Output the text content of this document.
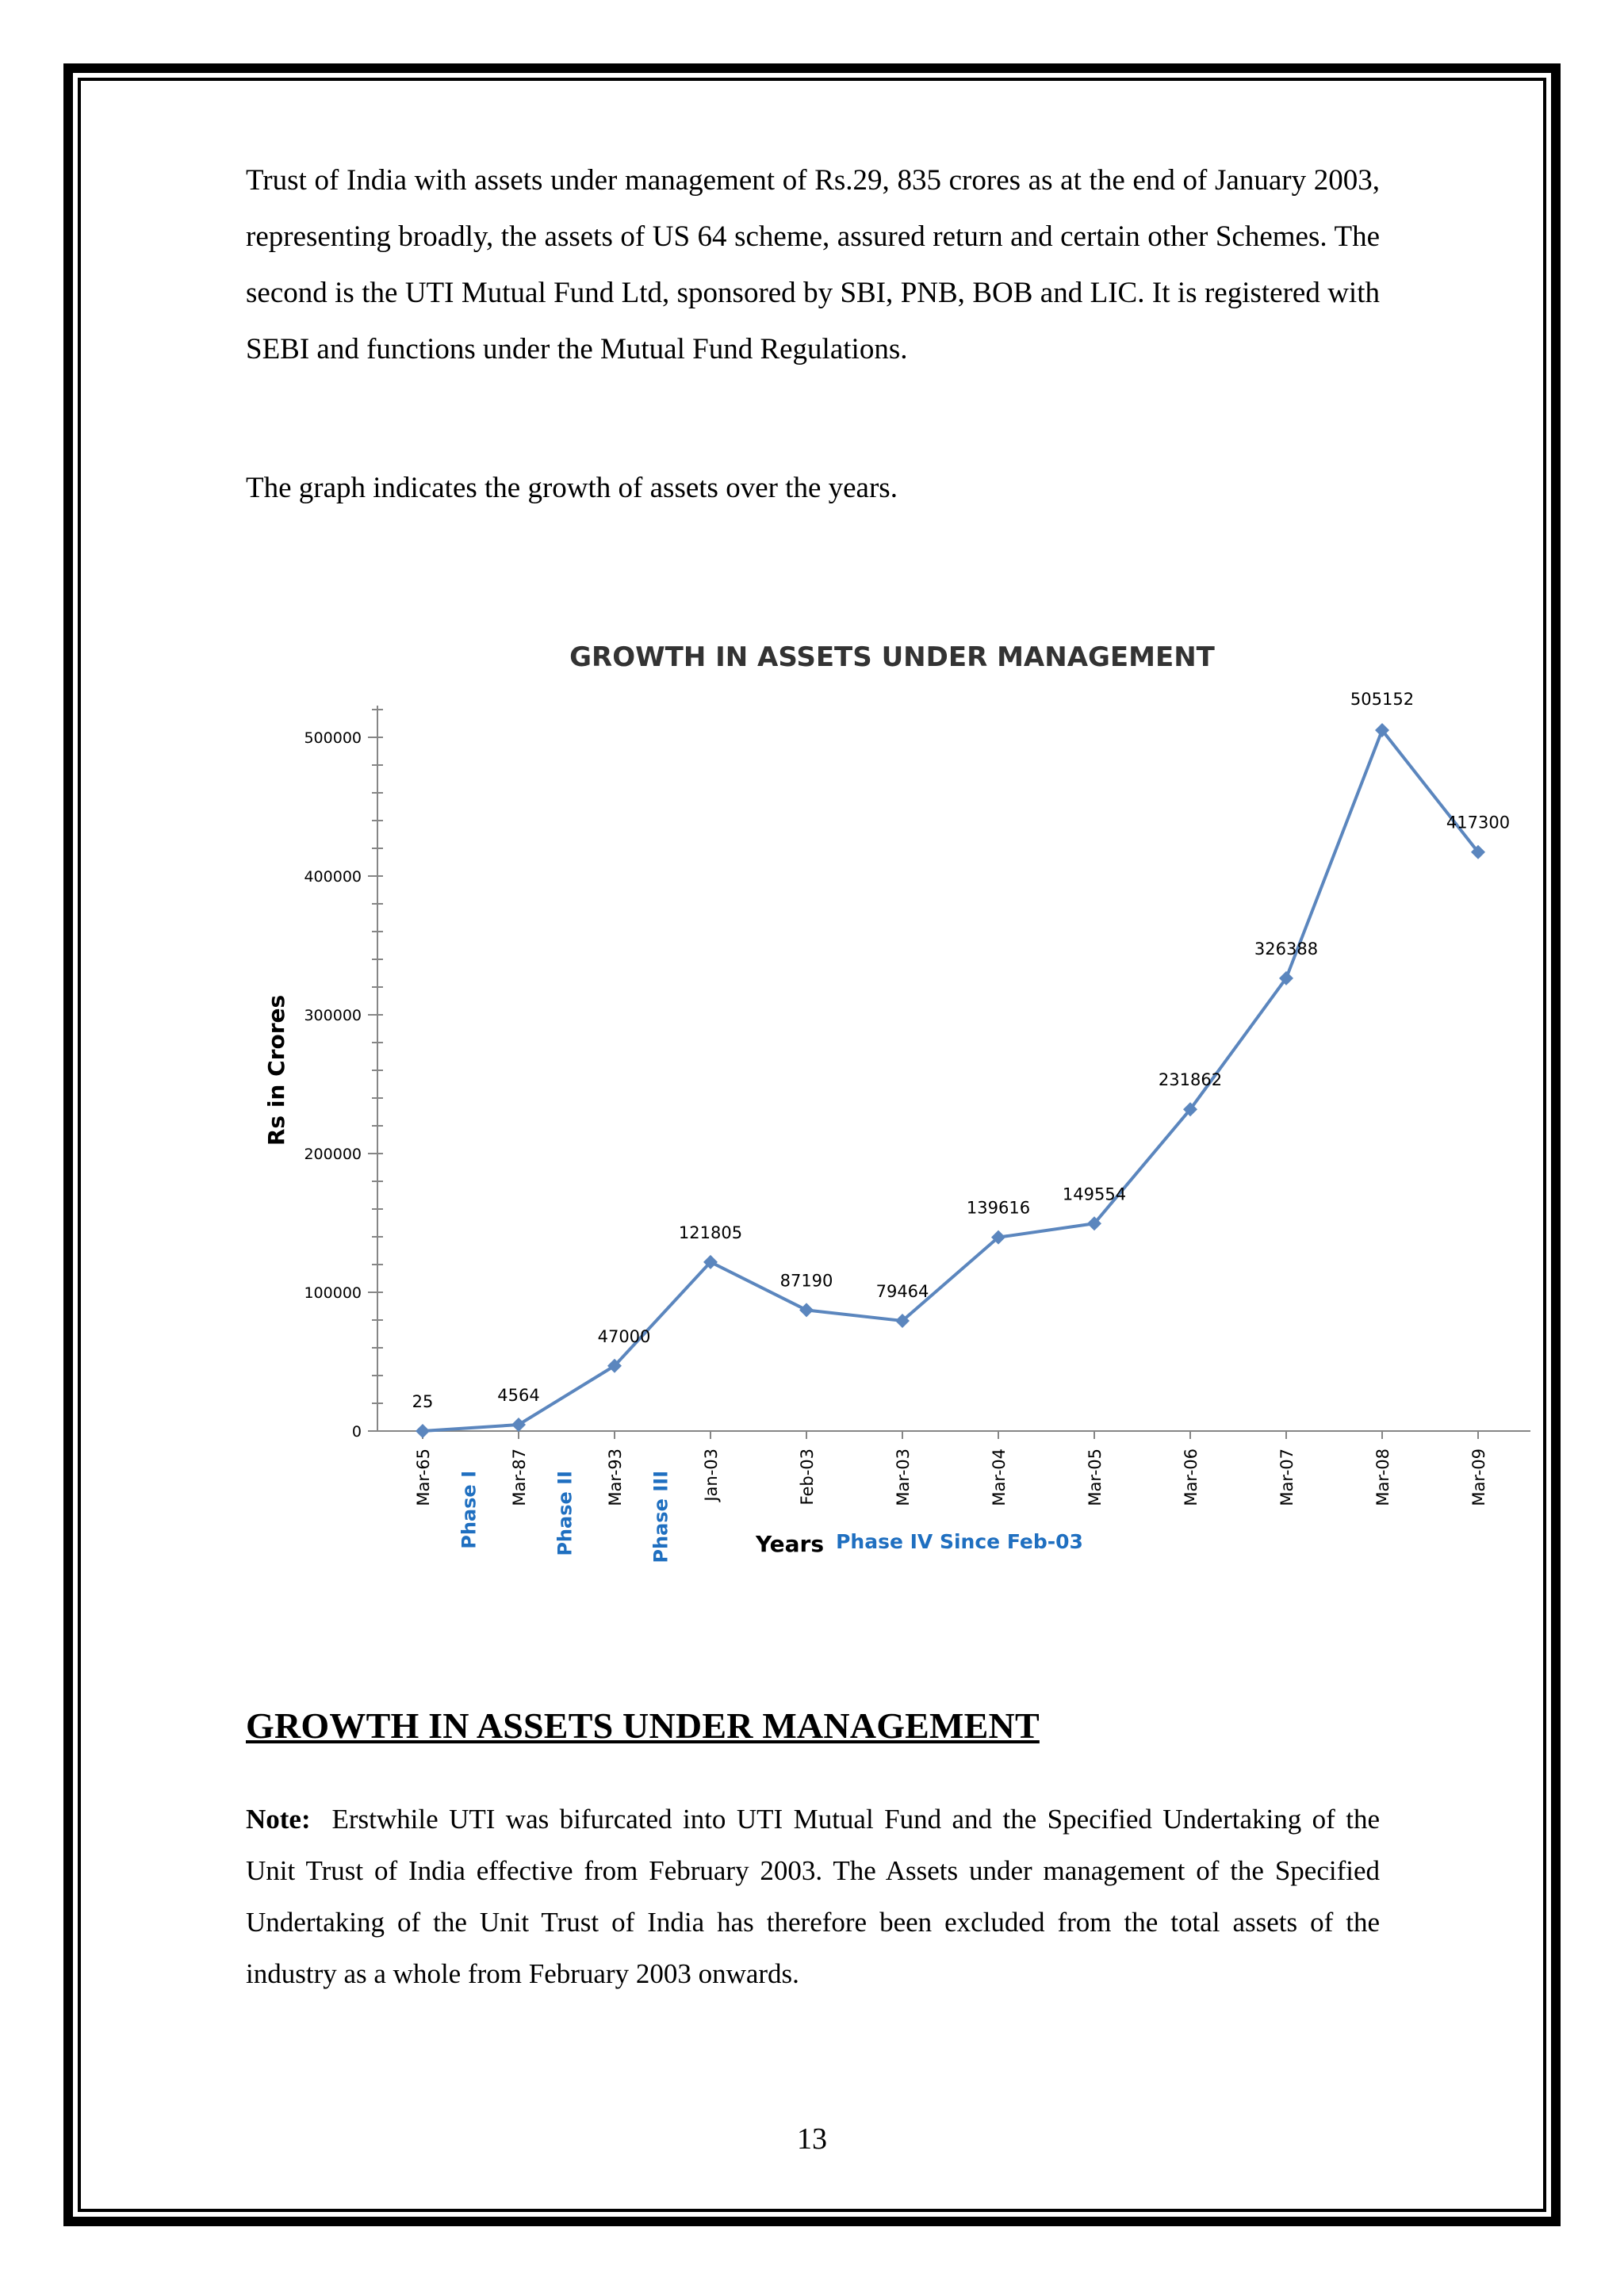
Trust of India with assets under management of Rs.29, 835 crores as at the end of January 2003, representing broadly, the assets of US 64 scheme, assured return and certain other Schemes. The second is the UTI Mutual Fund Ltd, sponsored by SBI, PNB, BOB and LIC. It is registered with SEBI and functions under the Mutual Fund Regulations.
The graph indicates the growth of assets over the years.
GROWTH IN ASSETS UNDER MANAGEMENT
0
100000
200000
300000
400000
500000
Mar-65	Mar-87	Mar-93	Jan-03	Feb-03	Mar-03	Mar-04	Mar-05	Mar-06	Mar-07	Mar-08	Mar-09
25	4564
47000
121805
87190
79464
139616
149554
231862
326388
505152
417300
Phase I	Phase II	Phase III
Rs in Crores
Years Phase IV Since Feb-03
GROWTH IN ASSETS UNDER MANAGEMENT
Note: Erstwhile UTI was bifurcated into UTI Mutual Fund and the Specified Undertaking of the Unit Trust of India effective from February 2003. The Assets under management of the Specified Undertaking of the Unit Trust of India has therefore been excluded from the total assets of the industry as a whole from February 2003 onwards.
13
